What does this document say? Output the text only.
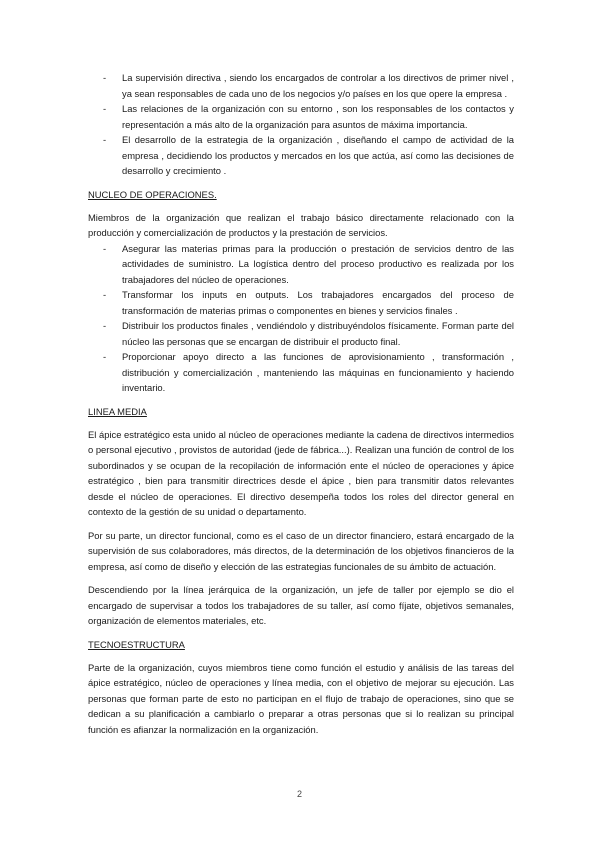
- La supervisión directiva , siendo los encargados de controlar a los directivos de primer nivel , ya sean responsables de cada uno de los negocios y/o países en los que opere la empresa .
- Las relaciones de la organización con su entorno , son los responsables de los contactos y representación a más alto de la organización para asuntos de máxima importancia.
- El desarrollo de la estrategia de la organización , diseñando el campo de actividad de la empresa , decidiendo los productos y mercados en los que actúa, así como las decisiones de desarrollo y crecimiento .

NUCLEO DE OPERACIONES.

Miembros de la organización que realizan el trabajo básico directamente relacionado con la producción y comercialización de productos y la prestación de servicios.

- Asegurar las materias primas para la producción o prestación de servicios dentro de las actividades de suministro. La logística dentro del proceso productivo es realizada por los trabajadores del núcleo de operaciones.
- Transformar los inputs en outputs. Los trabajadores encargados del proceso de transformación de materias primas o componentes en bienes y servicios finales .
- Distribuir los productos finales , vendiéndolo y distribuyéndolos físicamente. Forman parte del núcleo las personas que se encargan de distribuir el producto final.
- Proporcionar apoyo directo a las funciones de aprovisionamiento , transformación , distribución y comercialización , manteniendo las máquinas en funcionamiento y haciendo inventario.

LINEA MEDIA

El ápice estratégico esta unido al núcleo de operaciones mediante la cadena de directivos intermedios o personal ejecutivo , provistos de autoridad (jede de fábrica...). Realizan una función de control de los subordinados y se ocupan de la recopilación de información ente el núcleo de operaciones y ápice estratégico , bien para transmitir directrices desde el ápice , bien para transmitir datos relevantes desde el núcleo de operaciones. El directivo desempeña todos los roles del director general en contexto de la gestión de su unidad o departamento.

Por su parte, un director funcional, como es el caso de un director financiero, estará encargado de la supervisión de sus colaboradores, más directos, de la determinación de los objetivos financieros de la empresa, así como de diseño y elección de las estrategias funcionales de su ámbito de actuación.

Descendiendo por la línea jerárquica de la organización, un jefe de taller por ejemplo se dio el encargado de supervisar a todos los trabajadores de su taller, así como fíjate, objetivos semanales, organización de elementos materiales, etc.

TECNOESTRUCTURA

Parte de la organización, cuyos miembros tiene como función el estudio y análisis de las tareas del ápice estratégico, núcleo de operaciones y línea media, con el objetivo de mejorar su ejecución. Las personas que forman parte de esto no participan en el flujo de trabajo de operaciones, sino que se dedican a su planificación a cambiarlo o preparar a otras personas que si lo realizan su principal función es afianzar la normalización en la organización.

2
